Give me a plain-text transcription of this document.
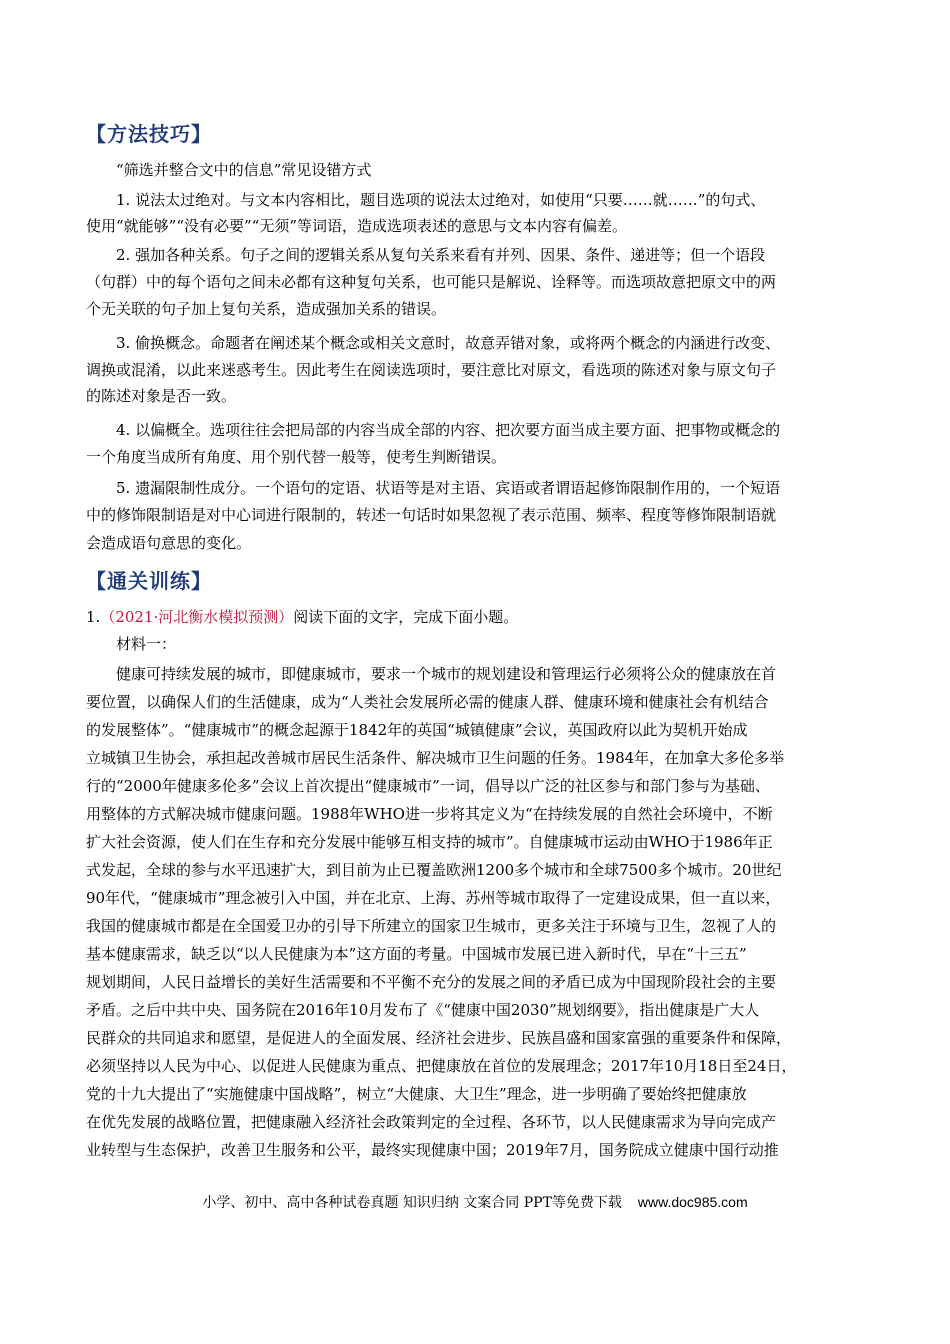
【方法技巧】
“筛选并整合文中的信息”常见设错方式
1. 说法太过绝对。与文本内容相比，题目选项的说法太过绝对，如使用“只要……就……”的句式、
使用“就能够”“没有必要”“无须”等词语，造成选项表述的意思与文本内容有偏差。
2. 强加各种关系。句子之间的逻辑关系从复句关系来看有并列、因果、条件、递进等；但一个语段
（句群）中的每个语句之间未必都有这种复句关系，也可能只是解说、诠释等。而选项故意把原文中的两
个无关联的句子加上复句关系，造成强加关系的错误。
3. 偷换概念。命题者在阐述某个概念或相关文意时，故意弄错对象，或将两个概念的内涵进行改变、
调换或混淆，以此来迷惑考生。因此考生在阅读选项时，要注意比对原文，看选项的陈述对象与原文句子
的陈述对象是否一致。
4. 以偏概全。选项往往会把局部的内容当成全部的内容、把次要方面当成主要方面、把事物或概念的
一个角度当成所有角度、用个别代替一般等，使考生判断错误。
5. 遗漏限制性成分。一个语句的定语、状语等是对主语、宾语或者谓语起修饰限制作用的，一个短语
中的修饰限制语是对中心词进行限制的，转述一句话时如果忽视了表示范围、频率、程度等修饰限制语就
会造成语句意思的变化。
【通关训练】
1.（2021·河北衡水模拟预测）阅读下面的文字，完成下面小题。
材料一：
健康可持续发展的城市，即健康城市，要求一个城市的规划建设和管理运行必须将公众的健康放在首
要位置，以确保人们的生活健康，成为“人类社会发展所必需的健康人群、健康环境和健康社会有机结合
的发展整体”。“健康城市”的概念起源于1842年的英国“城镇健康”会议，英国政府以此为契机开始成
立城镇卫生协会，承担起改善城市居民生活条件、解决城市卫生问题的任务。1984年，在加拿大多伦多举
行的“2000年健康多伦多”会议上首次提出“健康城市”一词，倡导以广泛的社区参与和部门参与为基础、
用整体的方式解决城市健康问题。1988年WHO进一步将其定义为“在持续发展的自然社会环境中，不断
扩大社会资源，使人们在生存和充分发展中能够互相支持的城市”。自健康城市运动由WHO于1986年正
式发起，全球的参与水平迅速扩大，到目前为止已覆盖欧洲1200多个城市和全球7500多个城市。20世纪
90年代，“健康城市”理念被引入中国，并在北京、上海、苏州等城市取得了一定建设成果，但一直以来，
我国的健康城市都是在全国爱卫办的引导下所建立的国家卫生城市，更多关注于环境与卫生，忽视了人的
基本健康需求，缺乏以“以人民健康为本”这方面的考量。中国城市发展已进入新时代，早在“十三五”
规划期间，人民日益增长的美好生活需要和不平衡不充分的发展之间的矛盾已成为中国现阶段社会的主要
矛盾。之后中共中央、国务院在2016年10月发布了《“健康中国2030”规划纲要》，指出健康是广大人
民群众的共同追求和愿望，是促进人的全面发展、经济社会进步、民族昌盛和国家富强的重要条件和保障，
必须坚持以人民为中心、以促进人民健康为重点、把健康放在首位的发展理念；2017年10月18日至24日，
党的十九大提出了“实施健康中国战略”，树立“大健康、大卫生”理念，进一步明确了要始终把健康放
在优先发展的战略位置，把健康融入经济社会政策判定的全过程、各环节，以人民健康需求为导向完成产
业转型与生态保护，改善卫生服务和公平，最终实现健康中国；2019年7月，国务院成立健康中国行动推
小学、初中、高中各种试卷真题 知识归纳 文案合同 PPT等免费下载 www.doc985.com
